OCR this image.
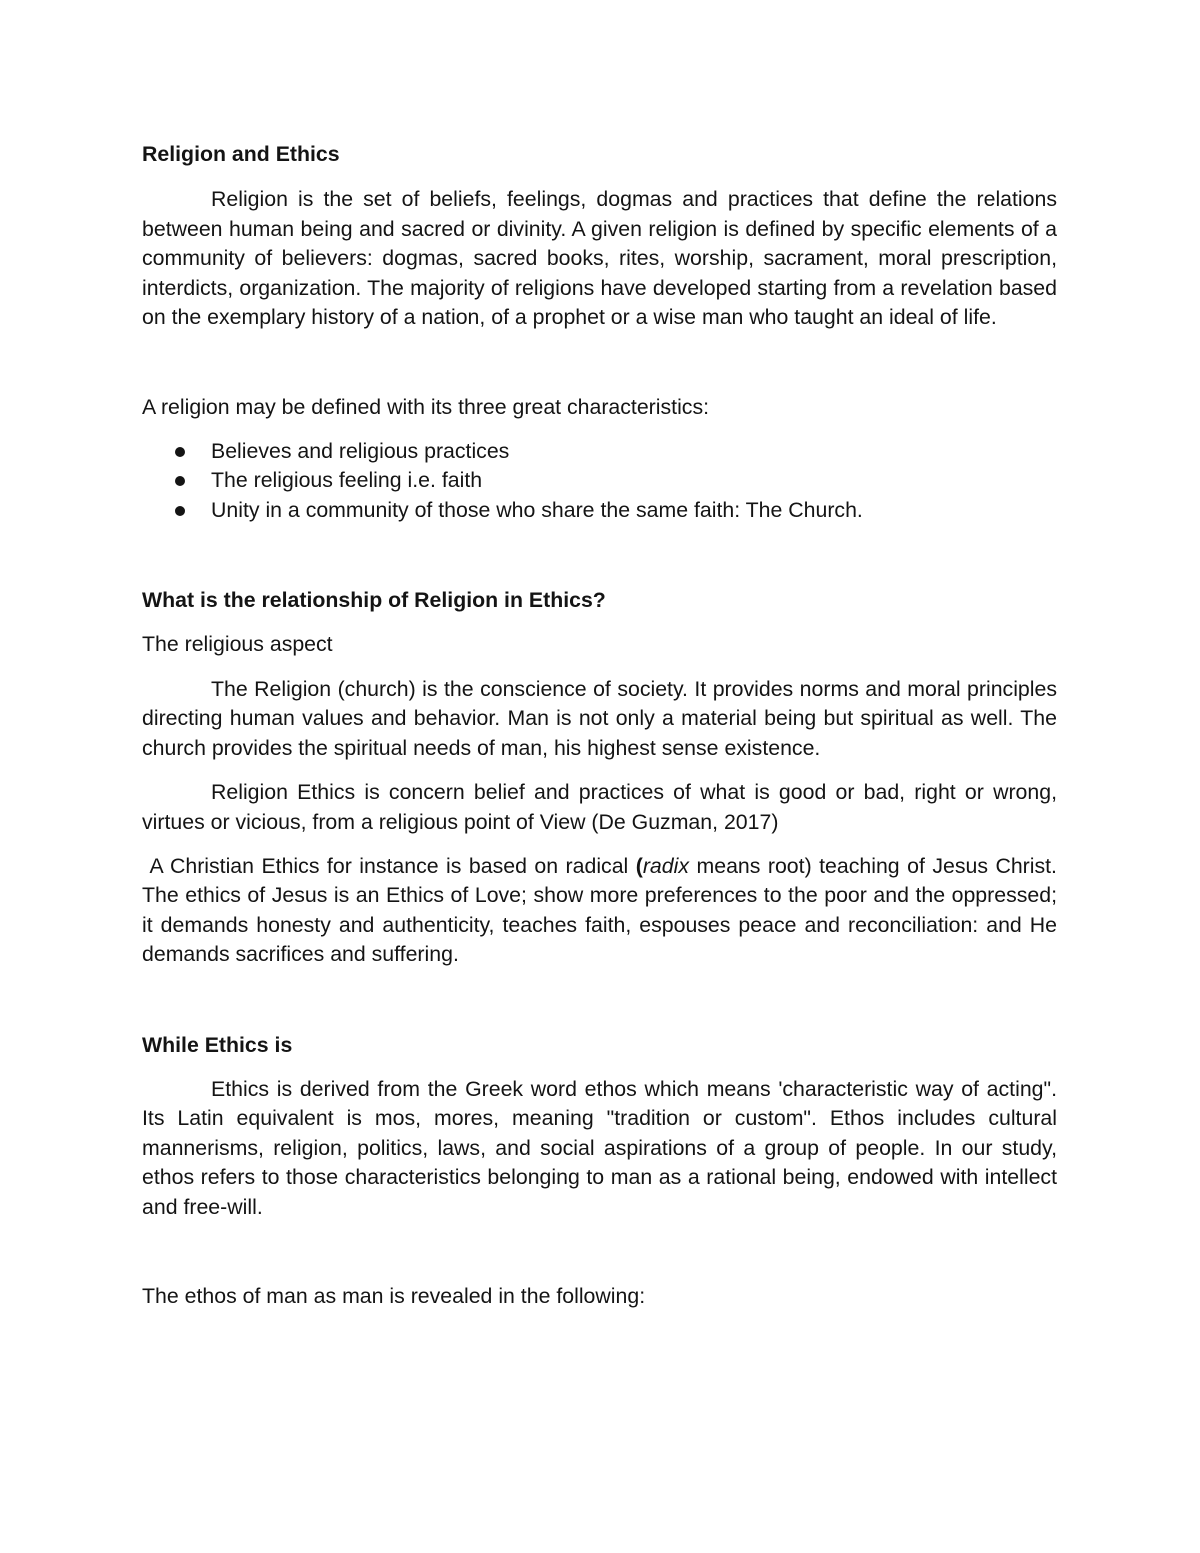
Religion and Ethics

Religion is the set of beliefs, feelings, dogmas and practices that define the relations between human being and sacred or divinity. A given religion is defined by specific elements of a community of believers: dogmas, sacred books, rites, worship, sacrament, moral prescription, interdicts, organization. The majority of religions have developed starting from a revelation based on the exemplary history of a nation, of a prophet or a wise man who taught an ideal of life.

A religion may be defined with its three great characteristics:

Believes and religious practices
The religious feeling i.e. faith
Unity in a community of those who share the same faith: The Church.

What is the relationship of Religion in Ethics?

The religious aspect

The Religion (church) is the conscience of society. It provides norms and moral principles directing human values and behavior. Man is not only a material being but spiritual as well. The church provides the spiritual needs of man, his highest sense existence.

Religion Ethics is concern belief and practices of what is good or bad, right or wrong, virtues or vicious, from a religious point of View (De Guzman, 2017)

A Christian Ethics for instance is based on radical (radix means root) teaching of Jesus Christ. The ethics of Jesus is an Ethics of Love; show more preferences to the poor and the oppressed; it demands honesty and authenticity, teaches faith, espouses peace and reconciliation: and He demands sacrifices and suffering.

While Ethics is

Ethics is derived from the Greek word ethos which means 'characteristic way of acting". Its Latin equivalent is mos, mores, meaning "tradition or custom". Ethos includes cultural mannerisms, religion, politics, laws, and social aspirations of a group of people. In our study, ethos refers to those characteristics belonging to man as a rational being, endowed with intellect and free-will.

The ethos of man as man is revealed in the following:
